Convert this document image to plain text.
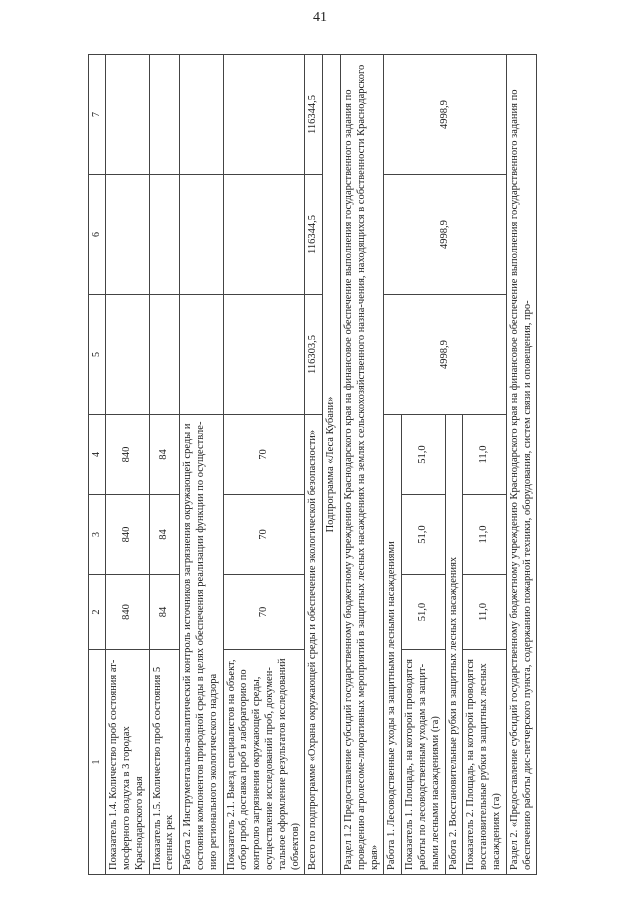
41
1	2	3	4	5	6	7
Показатель 1.4. Количество проб состояния ат-мосферного воздуха в 3 городах Краснодарского края	840	840	840			
Показатель 1.5. Количество проб состояния 5 степных рек	84	84	84			
Работа 2. Инструментально-аналитический контроль источников загрязнения окружающей среды и состояния компонентов природной среды в целях обеспечения реализации функции по осуществле-нию регионального экологического надзора						
Показатель 2.1. Выезд специалистов на объект, отбор проб, доставка проб в лабораторию по контролю загрязнения окружающей среды, осуществление исследований проб, докумен-тальное оформление результатов исследований (объектов)	70	70	70			
Всего по подпрограмме «Охрана окружающей среды и обеспечение экологической безопасности»				116303,5	116344,5	116344,5
Подпрограмма «Леса Кубани»						
Раздел 1.2 Предоставление субсидий государственному бюджетному учреждению Краснодарского края на финансовое обеспечение выполнения государственного задания по проведению агролесоме-лиоративных мероприятий в защитных лесных насаждениях на землях сельскохозяйственного назна-чения, находящихся в собственности Краснодарского края»						
Работа 1. Лесоводственные уходы за защитными лесными насаждениями				4998,9	4998,9	4998,9
Показатель 1. Площадь, на которой проводятся работы по лесоводственным уходам за защит-ными лесными насаждениями (га)	51,0	51,0	51,0			
Работа 2. Восстановительные рубки в защитных лесных насаждениях						
Показатель 2. Площадь, на которой проводятся восстановительные рубки в защитных лесных насаждениях (га)	11,0	11,0	11,0			
Раздел 2. «Предоставление субсидий государственному бюджетному учреждению Краснодарского края на финансовое обеспечение выполнения государственного задания по обеспечению работы дис-петчерского пункта, содержанию пожарной техники, оборудования, систем связи и оповещения, про-						
